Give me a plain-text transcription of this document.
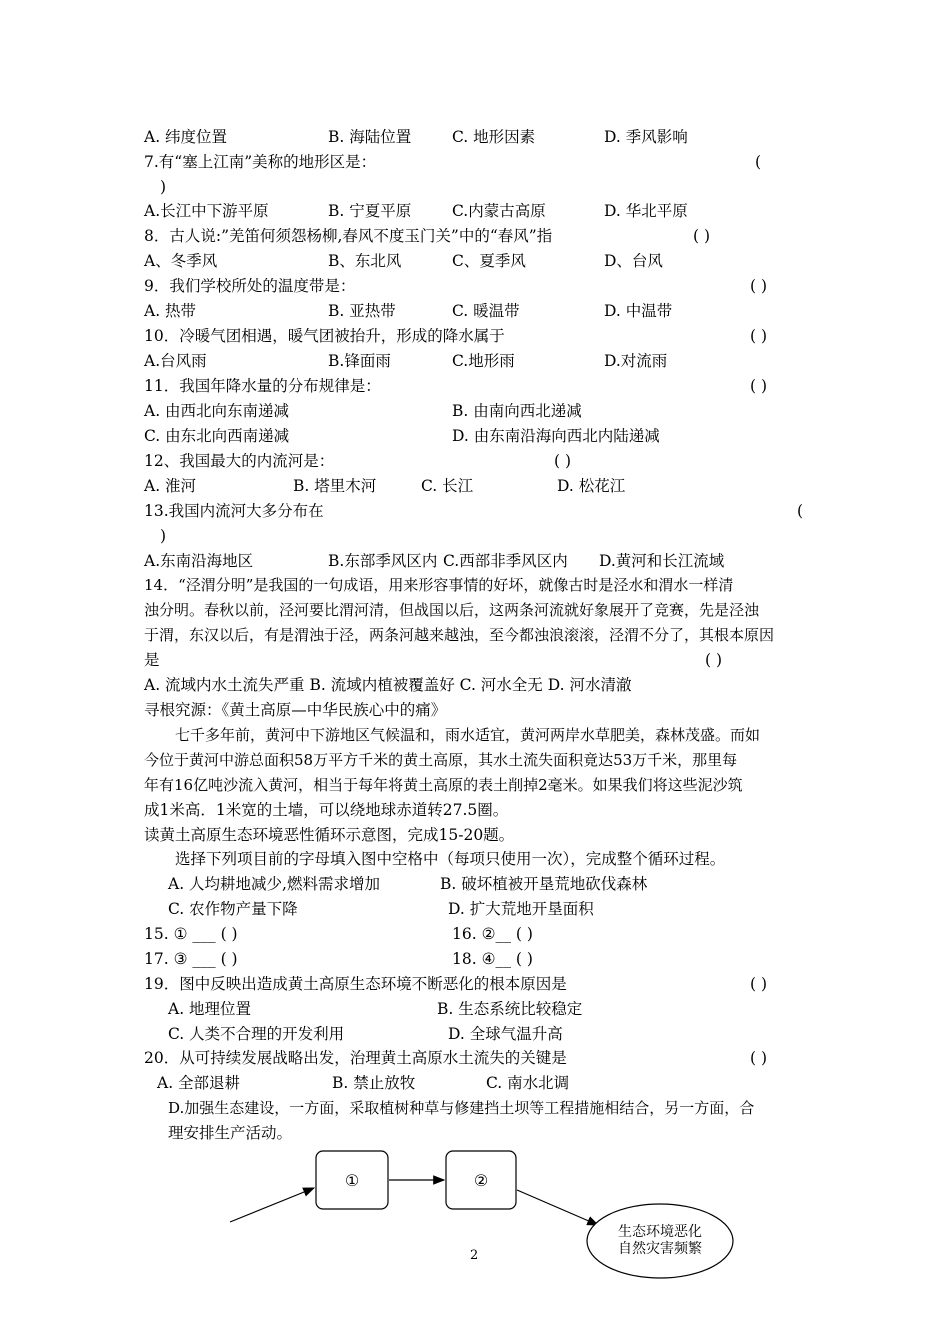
A. 纬度位置	B. 海陆位置	C. 地形因素	D. 季风影响
7.有“塞上江南”美称的地形区是：	(
)
A.长江中下游平原	B. 宁夏平原	C.内蒙古高原	D. 华北平原
8．古人说:”羌笛何须怨杨柳,春风不度玉门关”中的“春风”指	( )
A、冬季风	B、东北风	C、夏季风	D、台风
9．我们学校所处的温度带是：	( )
A. 热带	B. 亚热带	C. 暖温带	D. 中温带
10．冷暖气团相遇，暖气团被抬升，形成的降水属于	( )
A.台风雨	B.锋面雨	C.地形雨	D.对流雨
11．我国年降水量的分布规律是：	( )
A. 由西北向东南递减	B. 由南向西北递减
C. 由东北向西南递减	D. 由东南沿海向西北内陆递减
12、我国最大的内流河是：	( )
A. 淮河	B. 塔里木河	C. 长江	D. 松花江
13.我国内流河大多分布在	(
)
A.东南沿海地区	B.东部季风区内 C.西部非季风区内 D.黄河和长江流域
14．“泾渭分明”是我国的一句成语，用来形容事情的好坏，就像古时是泾水和渭水一样清
浊分明。春秋以前，泾河要比渭河清，但战国以后，这两条河流就好象展开了竞赛，先是泾浊
于渭，东汉以后，有是渭浊于泾，两条河越来越浊，至今都浊浪滚滚，泾渭不分了，其根本原因
是	( )
A. 流域内水土流失严重 B. 流域内植被覆盖好 C. 河水全无 D. 河水清澈
寻根究源：《黄土高原—中华民族心中的痛》
七千多年前，黄河中下游地区气候温和，雨水适宜，黄河两岸水草肥美，森林茂盛。而如
今位于黄河中游总面积58万平方千米的黄土高原，其水土流失面积竟达53万千米，那里每
年有16亿吨沙流入黄河，相当于每年将黄土高原的表土削掉2毫米。如果我们将这些泥沙筑
成1米高．1米宽的土墙，可以绕地球赤道转27.5圈。
读黄土高原生态环境恶性循环示意图，完成15-20题。
选择下列项目前的字母填入图中空格中（每项只使用一次），完成整个循环过程。
A. 人均耕地减少,燃料需求增加	B. 破坏植被开垦荒地砍伐森林
C. 农作物产量下降	D. 扩大荒地开垦面积
15. ① ___ ( )	16. ②__ ( )
17. ③ ___ ( )	18. ④__ ( )
19．图中反映出造成黄土高原生态环境不断恶化的根本原因是	( )
A. 地理位置	B. 生态系统比较稳定
C. 人类不合理的开发利用	D. 全球气温升高
20．从可持续发展战略出发，治理黄土高原水土流失的关键是	( )
A. 全部退耕	B. 禁止放牧	C. 南水北调
D.加强生态建设，一方面，采取植树种草与修建挡土坝等工程措施相结合，另一方面，合
理安排生产活动。
①	②
生态环境恶化
自然灾害频繁
2
